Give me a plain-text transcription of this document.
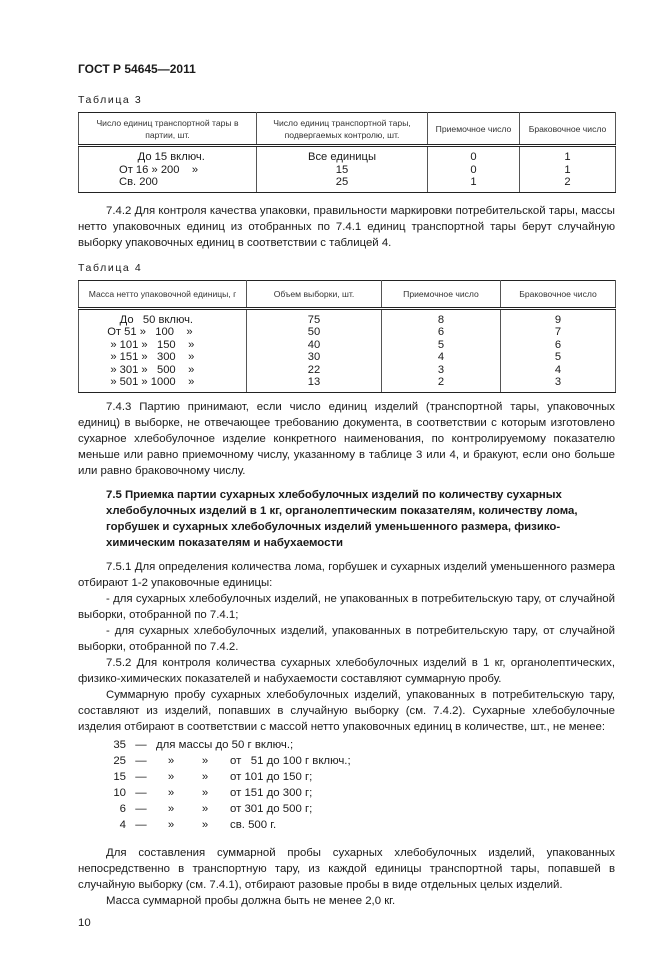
ГОСТ Р 54645—2011
Таблица 3
Число единиц транспортной тары в партии, шт.	Число единиц транспортной тары, подвергаемых контролю, шт.	Приемочное число	Браковочное число
До 15 включ.	Все единицы	0	1
От 16 » 200    »	15	0	1
Св. 200	25	1	2

7.4.2 Для контроля качества упаковки, правильности маркировки потребительской тары, массы нетто упаковочных единиц из отобранных по 7.4.1 единиц транспортной тары берут случайную выборку упаковочных единиц в соответствии с таблицей 4.

Таблица 4
Масса нетто упаковочной единицы, г	Объем выборки, шт.	Приемочное число	Браковочное число
До   50 включ.	75	8	9
От 51 »   100    »	50	6	7
» 101 »   150    »	40	5	6
» 151 »   300    »	30	4	5
» 301 »   500    »	22	3	4
» 501 » 1000    »	13	2	3

7.4.3 Партию принимают, если число единиц изделий (транспортной тары, упаковочных единиц) в выборке, не отвечающее требованию документа, в соответствии с которым изготовлено сухарное хлебобулочное изделие конкретного наименования, по контролируемому показателю меньше или равно приемочному числу, указанному в таблице 3 или 4, и бракуют, если оно больше или равно браковочному числу.

7.5 Приемка партии сухарных хлебобулочных изделий по количеству сухарных хлебобулочных изделий в 1 кг, органолептическим показателям, количеству лома, горбушек и сухарных хлебобулочных изделий уменьшенного размера, физико-химическим показателям и набухаемости

7.5.1 Для определения количества лома, горбушек и сухарных изделий уменьшенного размера отбирают 1-2 упаковочные единицы:

- для сухарных хлебобулочных изделий, не упакованных в потребительскую тару, от случайной выборки, отобранной по 7.4.1;

- для сухарных хлебобулочных изделий, упакованных в потребительскую тару, от случайной выборки, отобранной по 7.4.2.

7.5.2 Для контроля количества сухарных хлебобулочных изделий в 1 кг, органолептических, физико-химических показателей и набухаемости составляют суммарную пробу.

Суммарную пробу сухарных хлебобулочных изделий, упакованных в потребительскую тару, составляют из изделий, попавших в случайную выборку (см. 7.4.2). Сухарные хлебобулочные изделия отбирают в соответствии с массой нетто упаковочных единиц в количестве, шт., не менее:

35 — для массы до 50 г включ.;
25 —	»	»	от   51 до 100 г включ.;
15 —	»	»	от 101 до 150 г;
10 —	»	»	от 151 до 300 г;
6 —	»	»	от 301 до 500 г;
4 —	»	»	св. 500 г.

Для составления суммарной пробы сухарных хлебобулочных изделий, упакованных непосредственно в транспортную тару, из каждой единицы транспортной тары, попавшей в случайную выборку (см. 7.4.1), отбирают разовые пробы в виде отдельных целых изделий.

Масса суммарной пробы должна быть не менее 2,0 кг.

10
